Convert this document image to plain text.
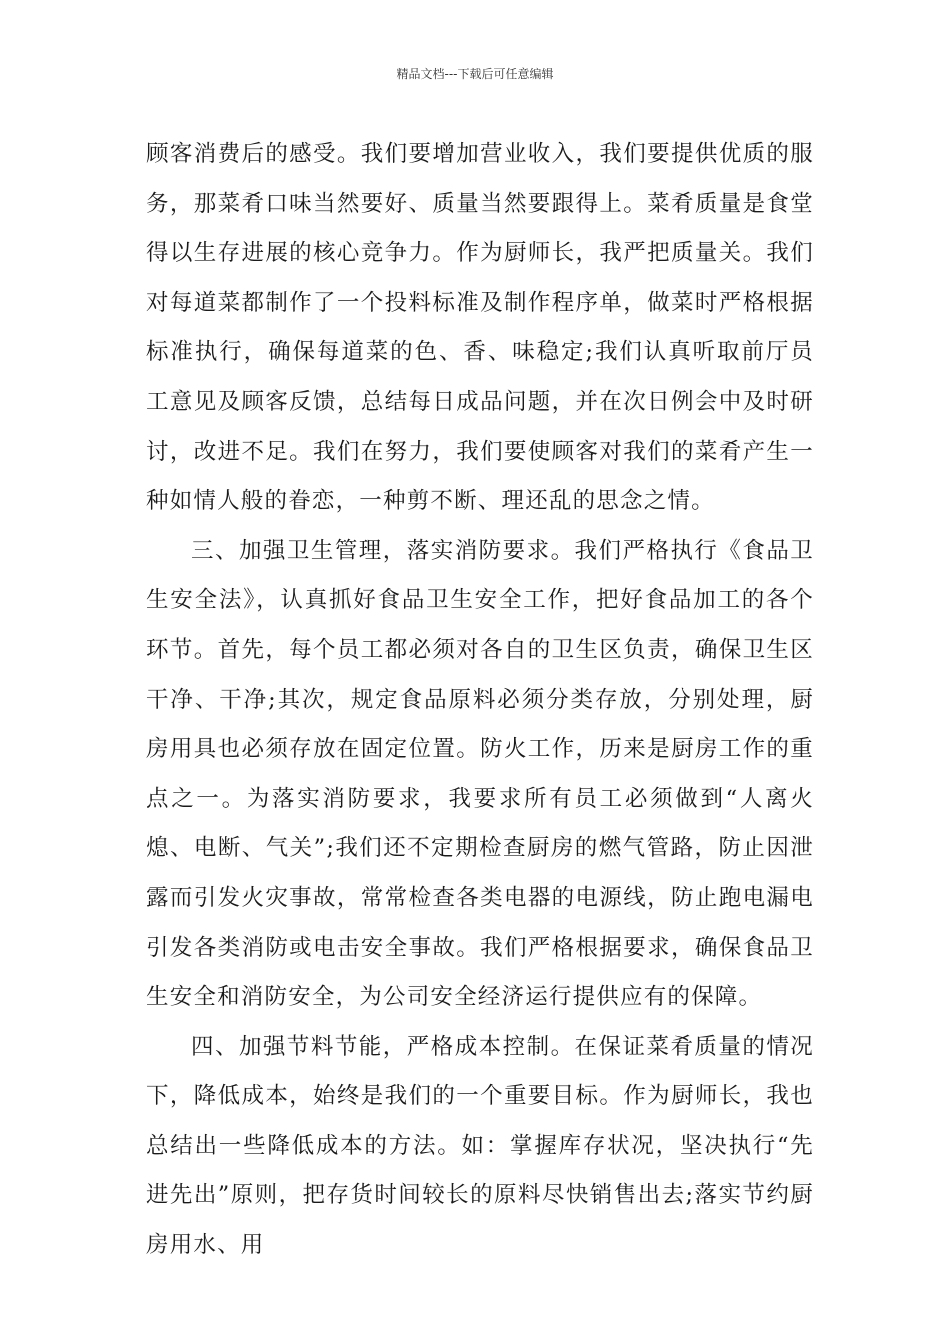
精品文档---下载后可任意编辑

顾客消费后的感受。我们要增加营业收入，我们要提供优质的服务，那菜肴口味当然要好、质量当然要跟得上。菜肴质量是食堂得以生存进展的核心竞争力。作为厨师长，我严把质量关。我们对每道菜都制作了一个投料标准及制作程序单，做菜时严格根据标准执行，确保每道菜的色、香、味稳定;我们认真听取前厅员工意见及顾客反馈，总结每日成品问题，并在次日例会中及时研讨，改进不足。我们在努力，我们要使顾客对我们的菜肴产生一种如情人般的眷恋，一种剪不断、理还乱的思念之情。

三、加强卫生管理，落实消防要求。我们严格执行《食品卫生安全法》，认真抓好食品卫生安全工作，把好食品加工的各个环节。首先，每个员工都必须对各自的卫生区负责，确保卫生区干净、干净;其次，规定食品原料必须分类存放，分别处理，厨房用具也必须存放在固定位置。防火工作，历来是厨房工作的重点之一。为落实消防要求，我要求所有员工必须做到“人离火熄、电断、气关”;我们还不定期检查厨房的燃气管路，防止因泄露而引发火灾事故，常常检查各类电器的电源线，防止跑电漏电引发各类消防或电击安全事故。我们严格根据要求，确保食品卫生安全和消防安全，为公司安全经济运行提供应有的保障。

四、加强节料节能，严格成本控制。在保证菜肴质量的情况下，降低成本，始终是我们的一个重要目标。作为厨师长，我也总结出一些降低成本的方法。如：掌握库存状况，坚决执行“先进先出”原则，把存货时间较长的原料尽快销售出去;落实节约厨房用水、用
